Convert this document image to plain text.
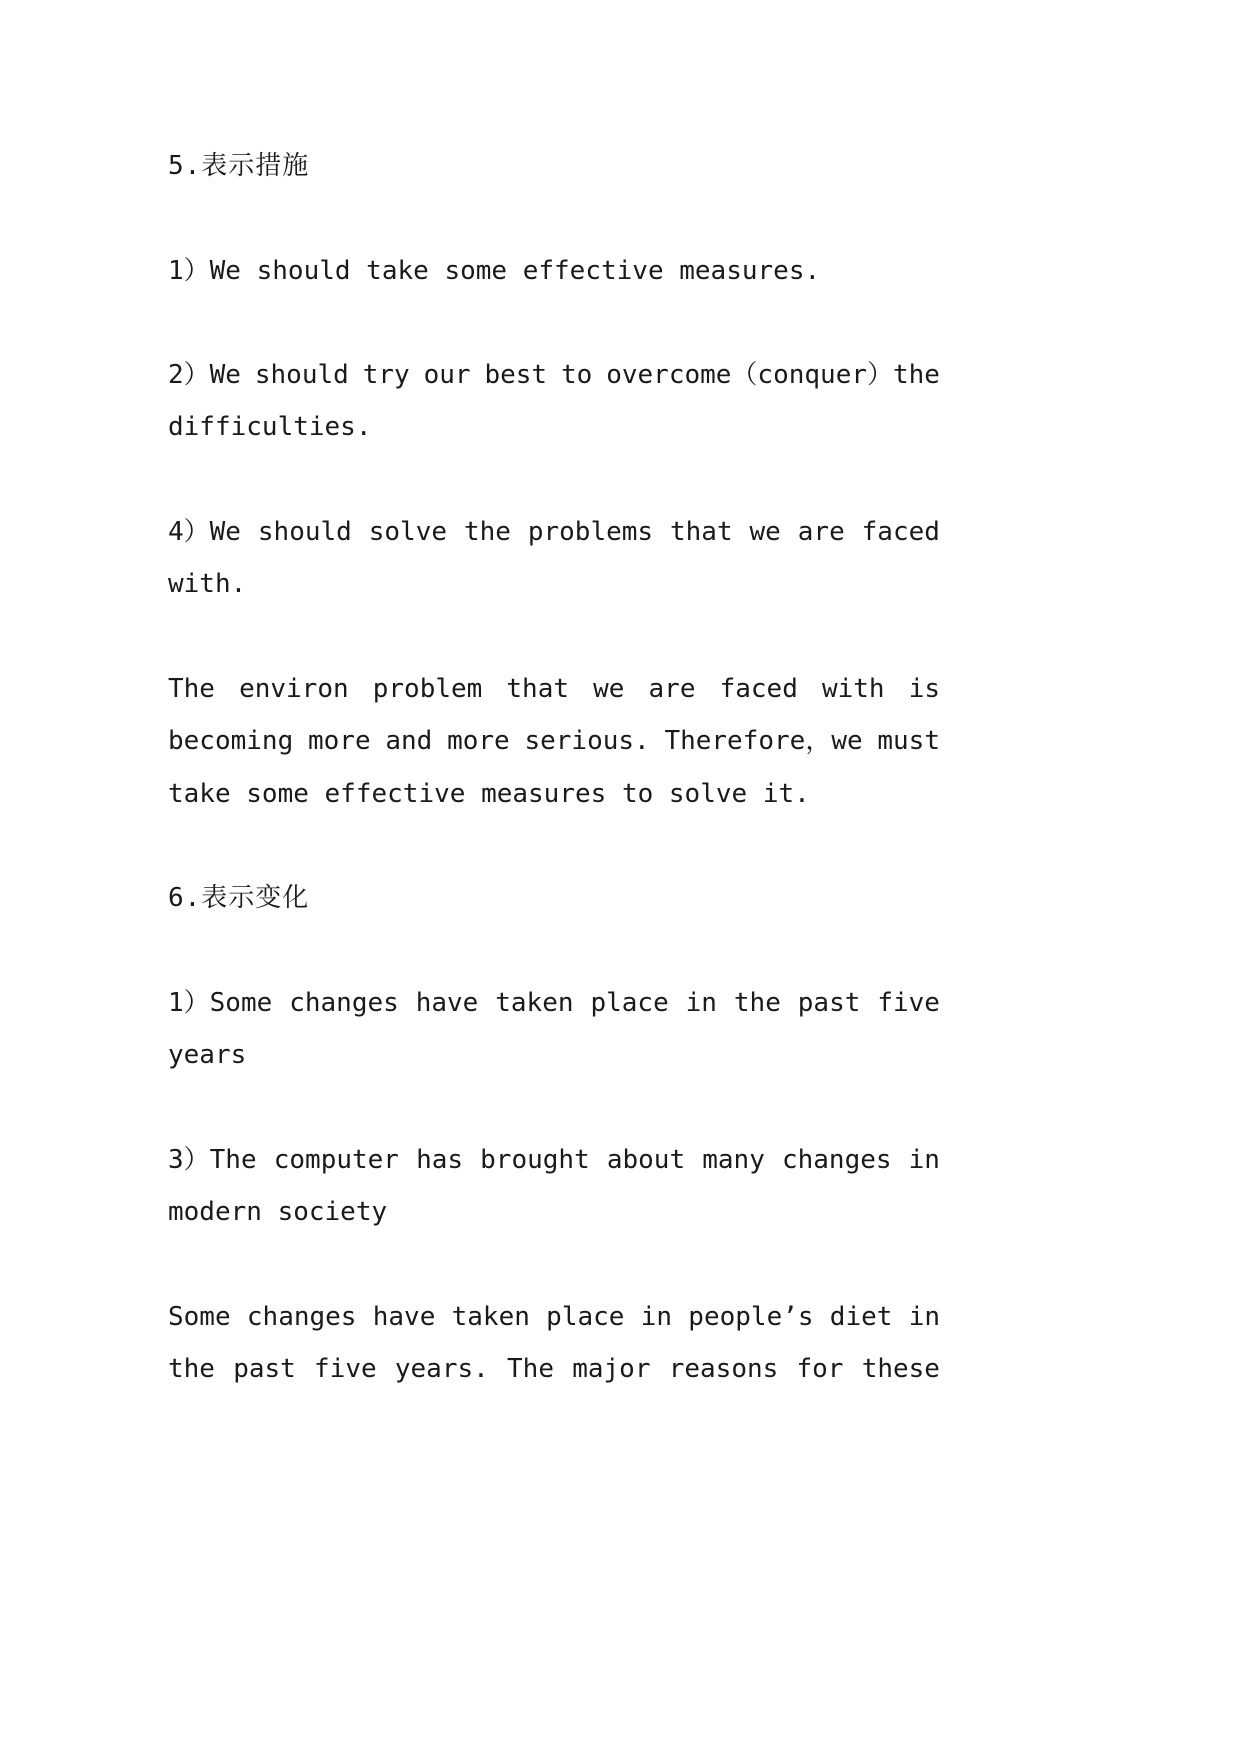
5.表示措施
1）We should take some effective measures.
2）We should try our best to overcome（conquer）the
difficulties.
4）We should solve the problems that we are faced
with.
The environ problem that we are faced with is
becoming more and more serious. Therefore，we must
take some effective measures to solve it.
6.表示变化
1）Some changes have taken place in the past five
years
3）The computer has brought about many changes in
modern society
Some changes have taken place in people’s diet in
the past five years. The major reasons for these
